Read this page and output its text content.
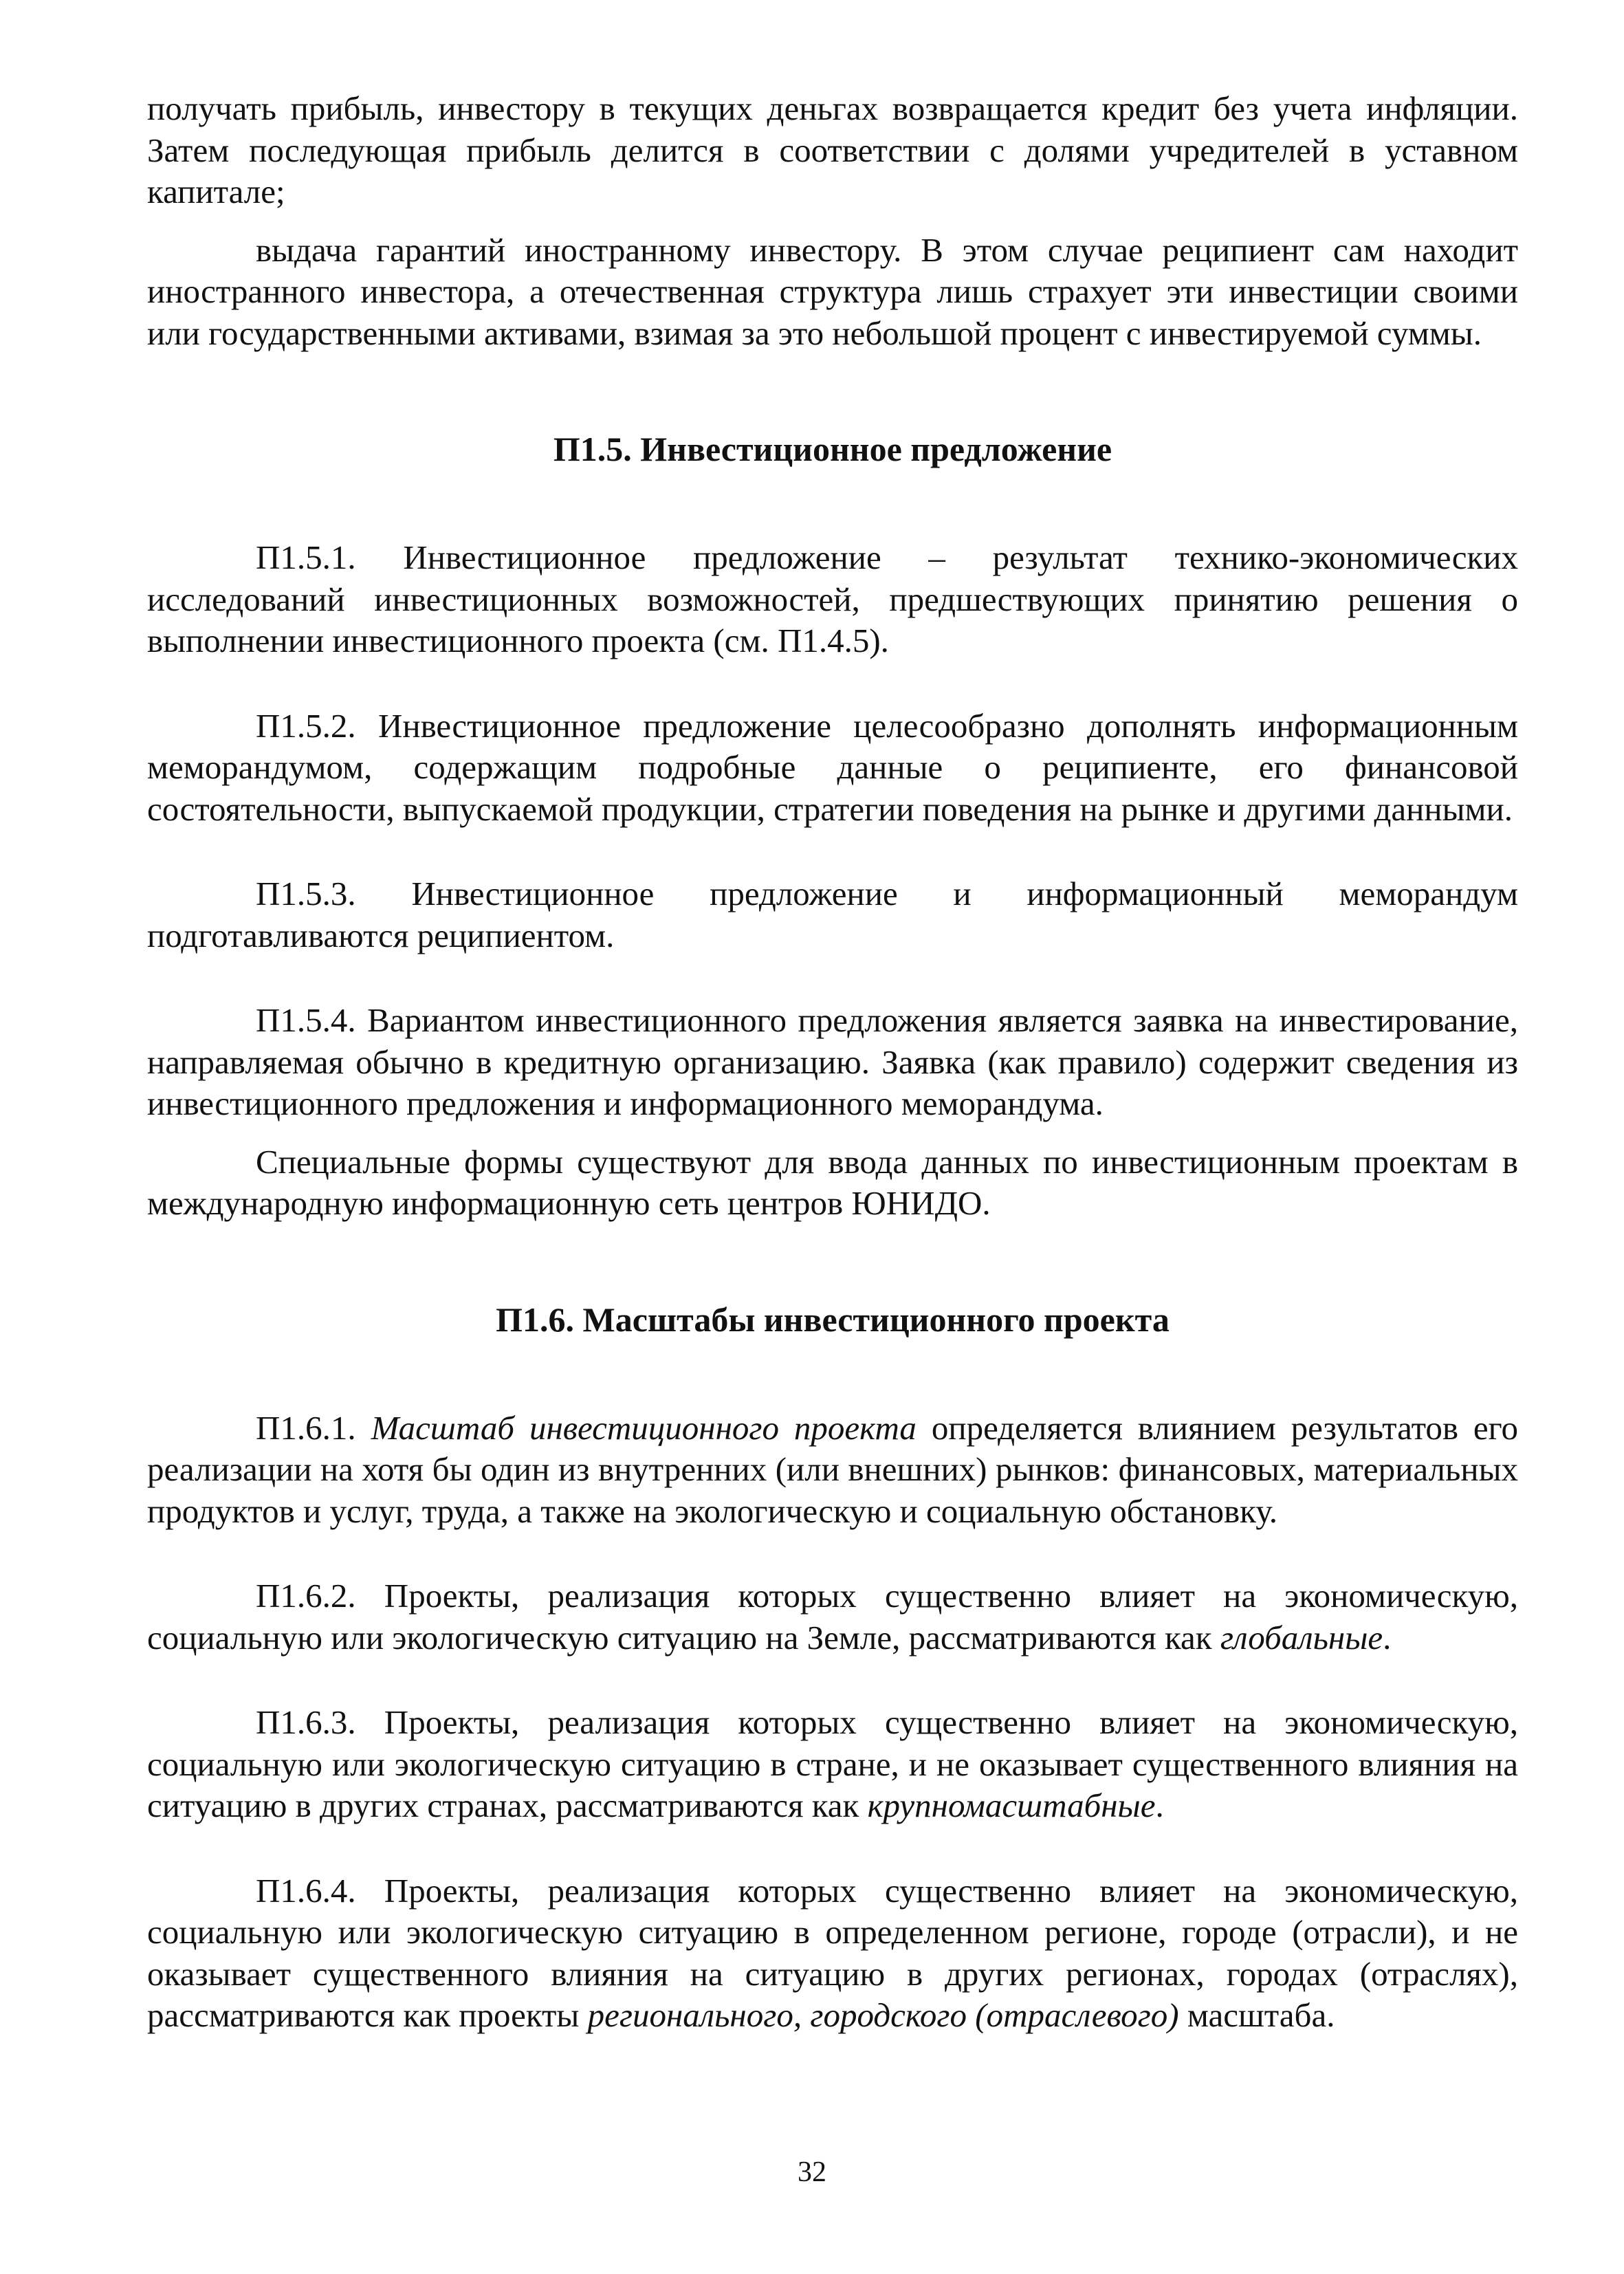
получать прибыль, инвестору в текущих деньгах возвращается кредит без учета инфляции. Затем последующая прибыль делится в соответствии с долями учредителей в уставном капитале;

выдача гарантий иностранному инвестору. В этом случае реципиент сам находит иностранного инвестора, а отечественная структура лишь страхует эти инвестиции своими или государственными активами, взимая за это небольшой процент с инвестируемой суммы.

П1.5. Инвестиционное предложение

П1.5.1. Инвестиционное предложение – результат технико-экономических исследований инвестиционных возможностей, предшествующих принятию решения о выполнении инвестиционного проекта (см. П1.4.5).

П1.5.2. Инвестиционное предложение целесообразно дополнять информационным меморандумом, содержащим подробные данные о реципиенте, его финансовой состоятельности, выпускаемой продукции, стратегии поведения на рынке и другими данными.

П1.5.3. Инвестиционное предложение и информационный меморандум подготавливаются реципиентом.

П1.5.4. Вариантом инвестиционного предложения является заявка на инвестирование, направляемая обычно в кредитную организацию. Заявка (как правило) содержит сведения из инвестиционного предложения и информационного меморандума.

Специальные формы существуют для ввода данных по инвестиционным проектам в международную информационную сеть центров ЮНИДО.

П1.6. Масштабы инвестиционного проекта

П1.6.1. Масштаб инвестиционного проекта определяется влиянием результатов его реализации на хотя бы один из внутренних (или внешних) рынков: финансовых, материальных продуктов и услуг, труда, а также на экологическую и социальную обстановку.

П1.6.2. Проекты, реализация которых существенно влияет на экономическую, социальную или экологическую ситуацию на Земле, рассматриваются как глобальные.

П1.6.3. Проекты, реализация которых существенно влияет на экономическую, социальную или экологическую ситуацию в стране, и не оказывает существенного влияния на ситуацию в других странах, рассматриваются как крупномасштабные.

П1.6.4. Проекты, реализация которых существенно влияет на экономическую, социальную или экологическую ситуацию в определенном регионе, городе (отрасли), и не оказывает существенного влияния на ситуацию в других регионах, городах (отраслях), рассматриваются как проекты регионального, городского (отраслевого) масштаба.

32
